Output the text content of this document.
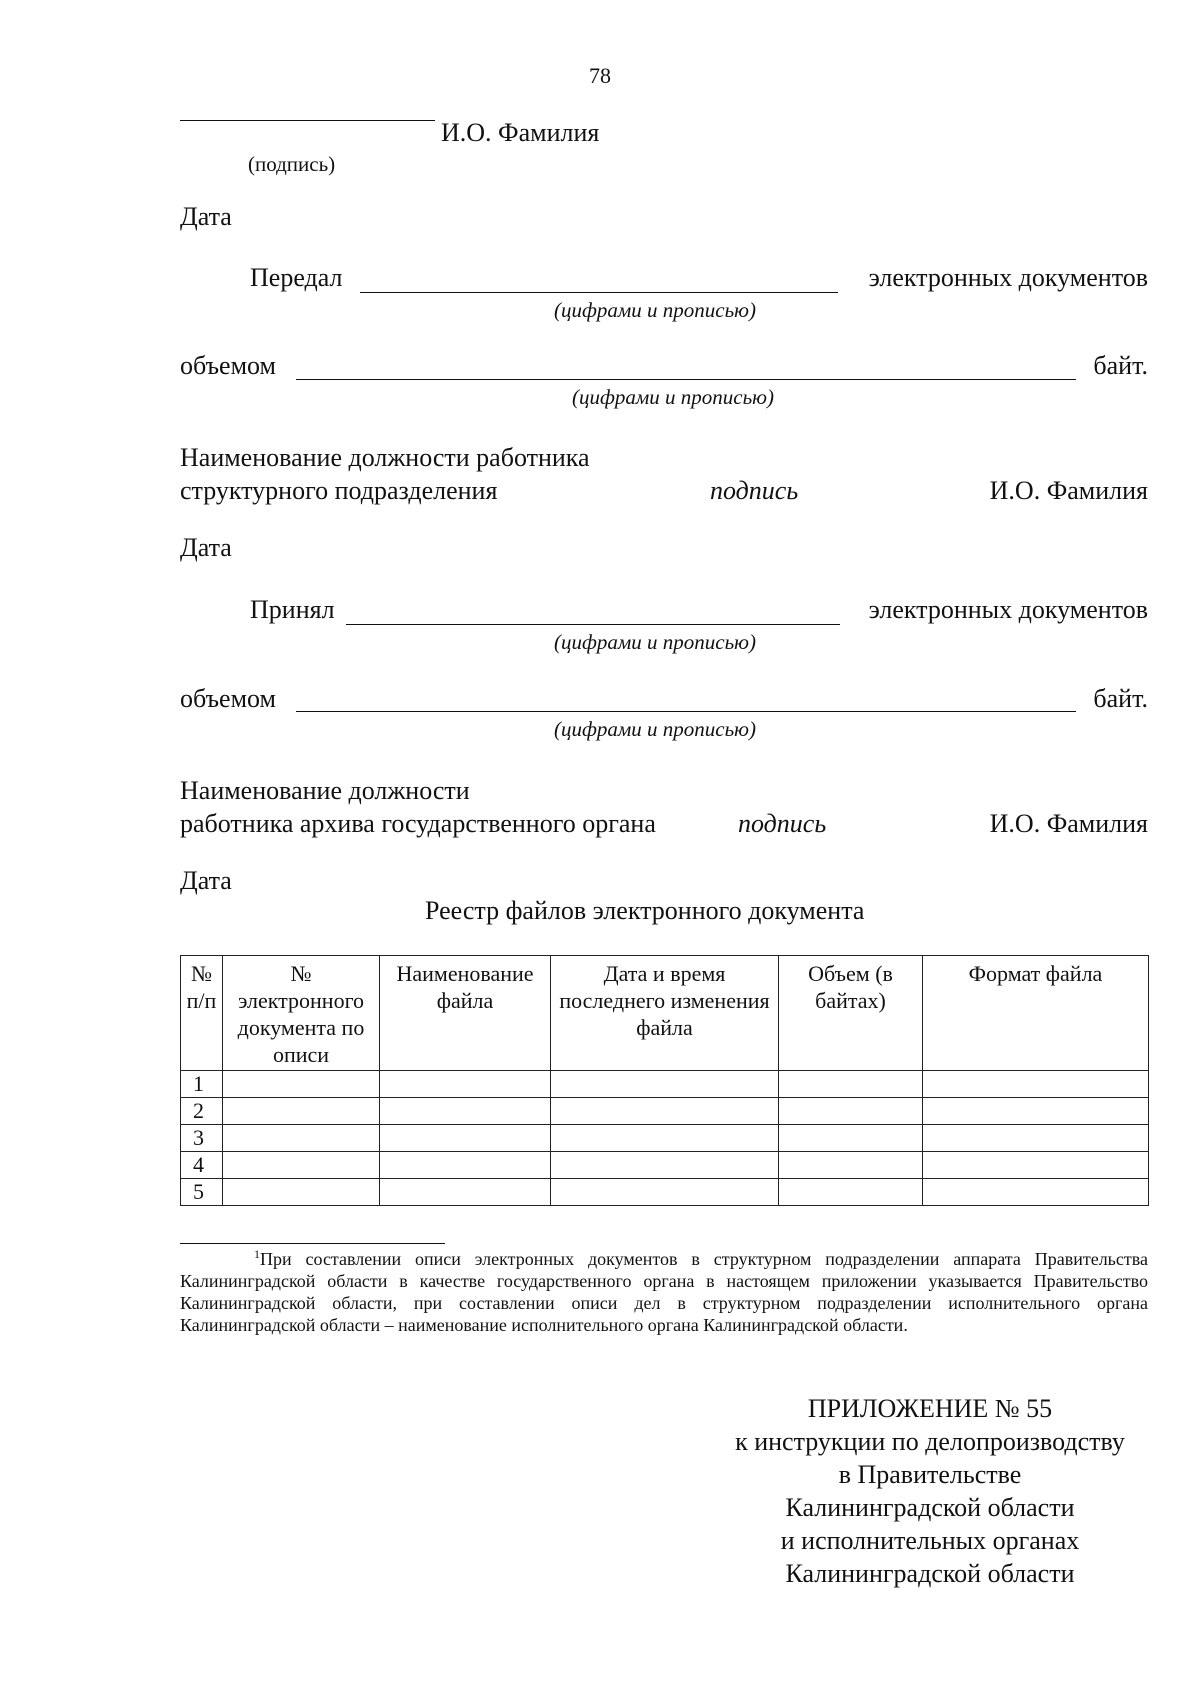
78
И.О. Фамилия
(подпись)
Дата
Передал	электронных документов
(цифрами и прописью)
объемом	байт.
(цифрами и прописью)
Наименование должности работника
структурного подразделения	подпись	И.О. Фамилия
Дата
Принял	электронных документов
(цифрами и прописью)
объемом	байт.
(цифрами и прописью)
Наименование должности
работника архива государственного органа	подпись	И.О. Фамилия
Дата
Реестр файлов электронного документа
№ п/п	№ электронного документа по описи	Наименование файла	Дата и время последнего изменения файла	Объем (в байтах)	Формат файла
1					
2					
3					
4					
5					
$^1$При составлении описи электронных документов в структурном подразделении аппарата Правительства Калининградской области в качестве государственного органа в настоящем приложении указывается Правительство Калининградской области, при составлении описи дел в структурном подразделении исполнительного органа Калининградской области – наименование исполнительного органа Калининградской области.
ПРИЛОЖЕНИЕ № 55
к инструкции по делопроизводству
в Правительстве
Калининградской области
и исполнительных органах
Калининградской области
